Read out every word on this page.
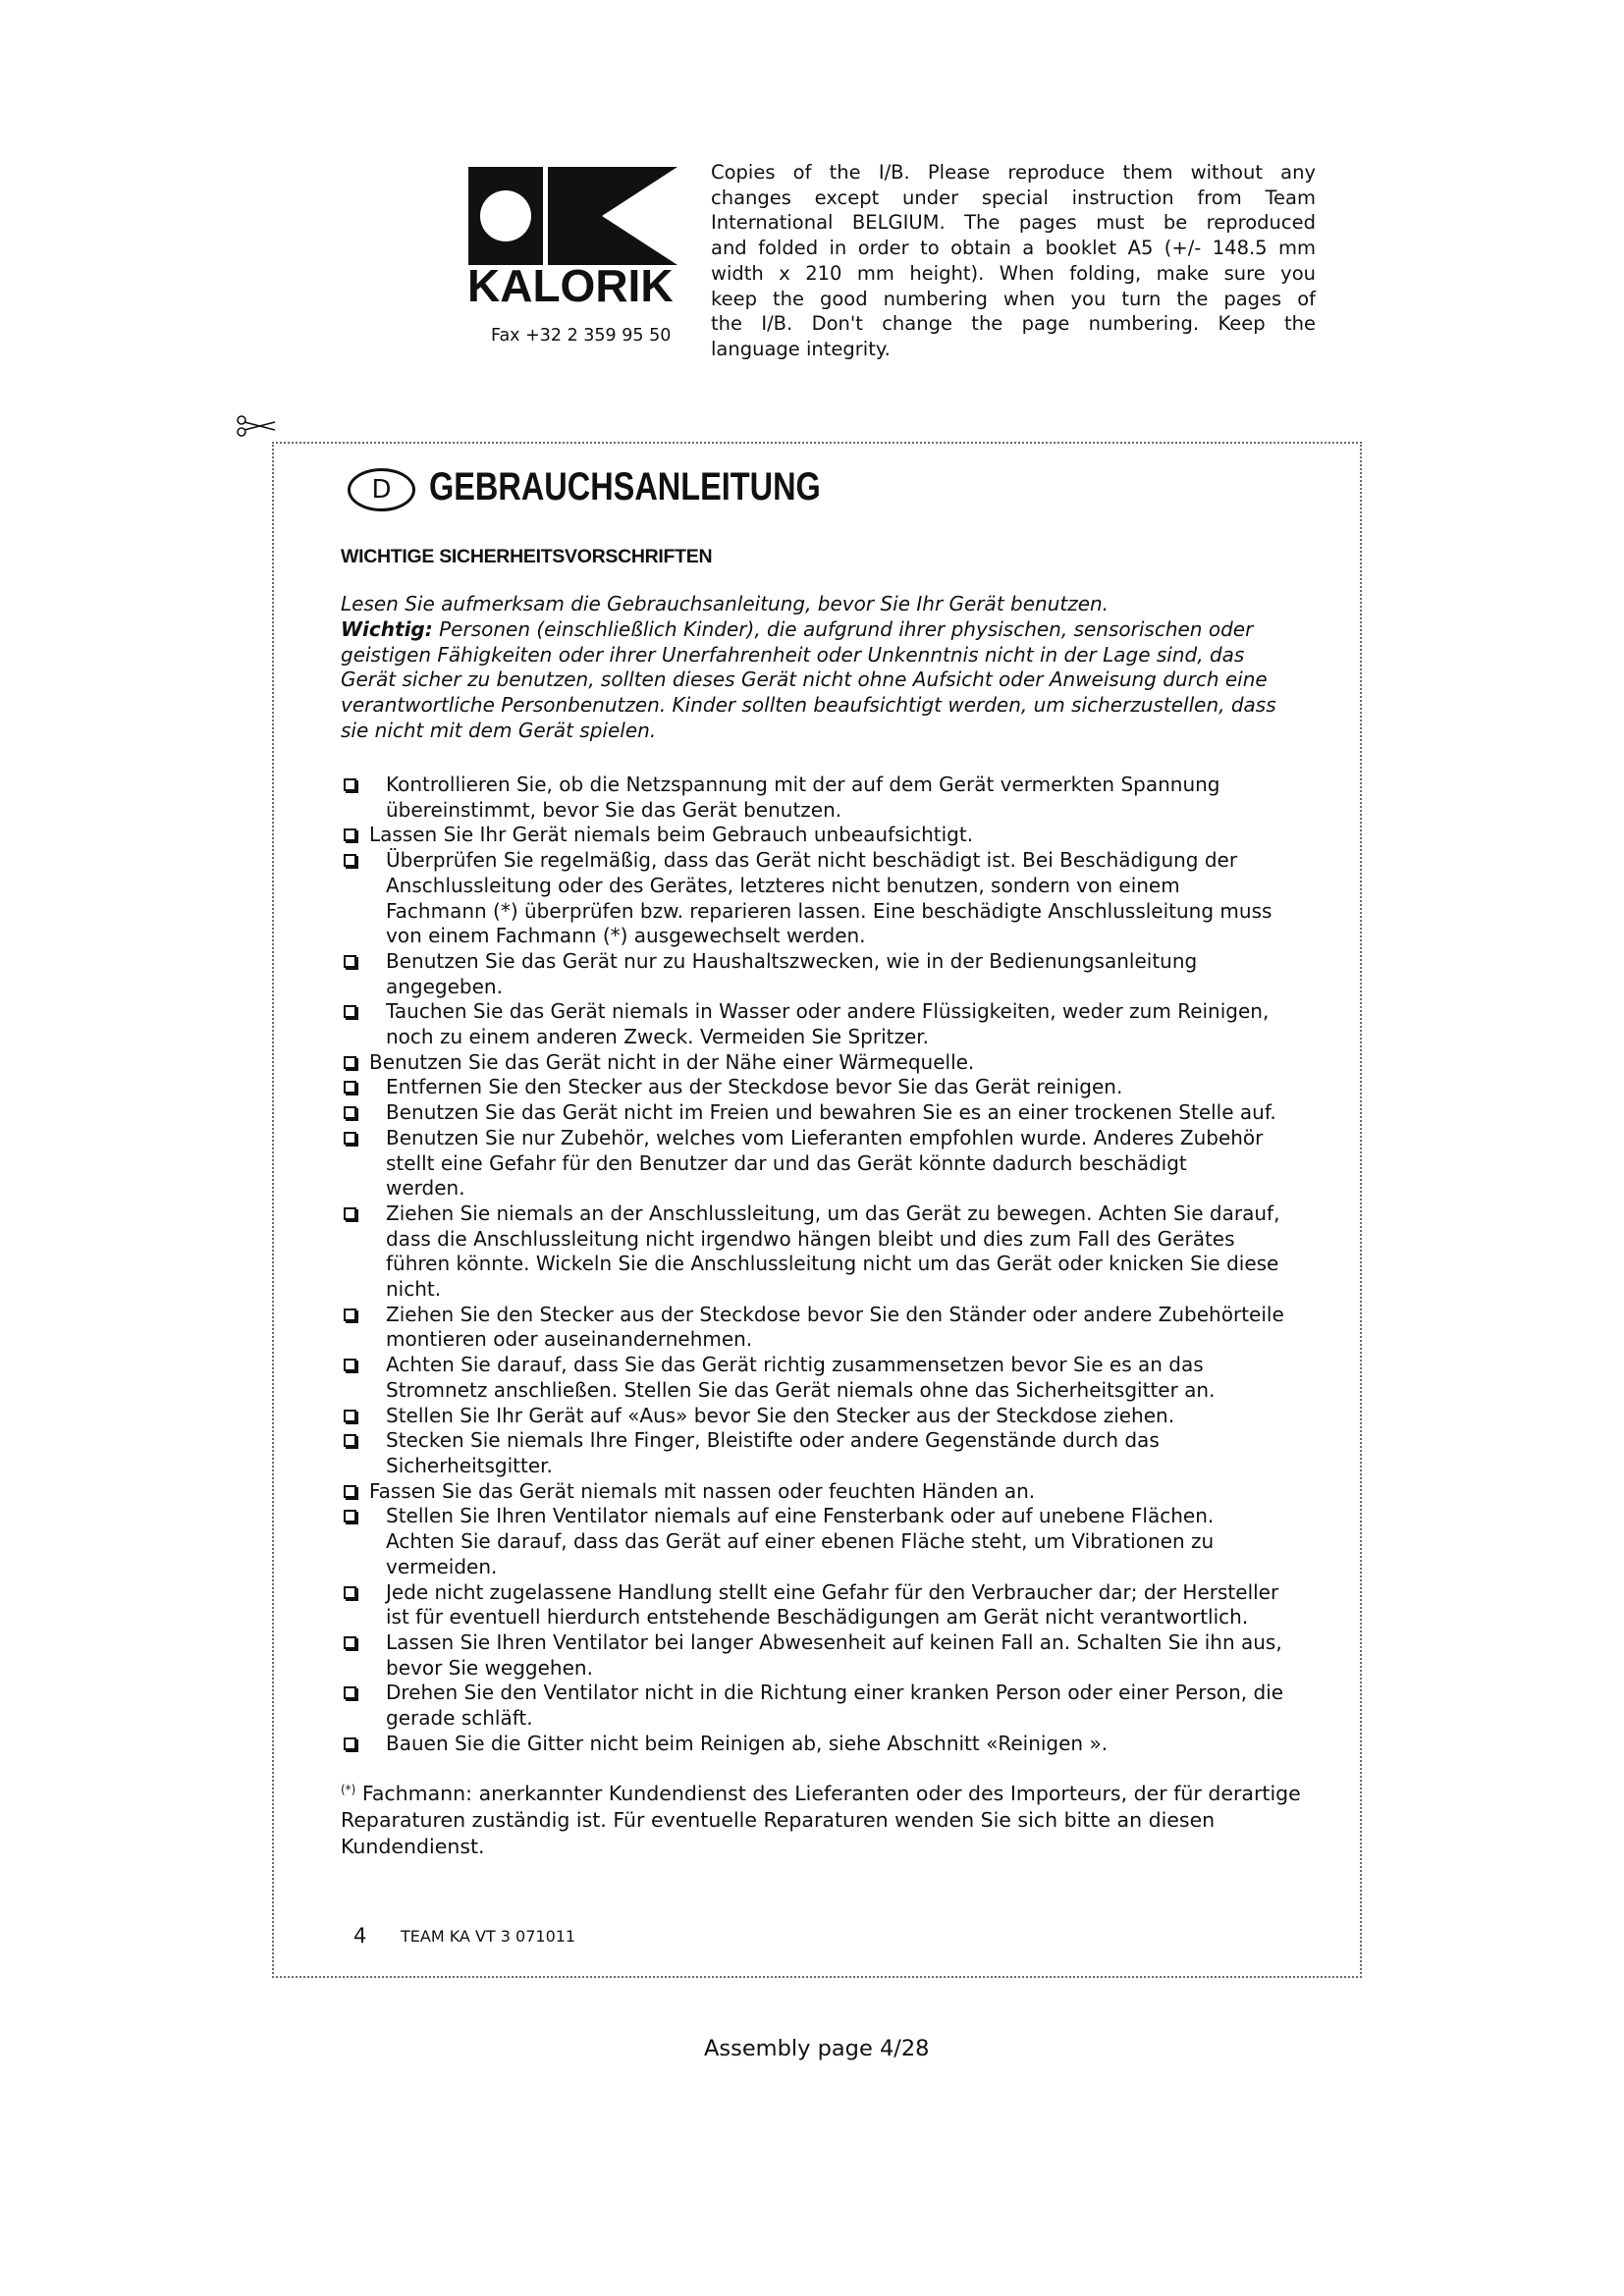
KALORIK
Fax +32 2 359 95 50
Copies of the I/B. Please reproduce them without any
changes except under special instruction from Team
International BELGIUM. The pages must be reproduced
and folded in order to obtain a booklet A5 (+/- 148.5 mm
width x 210 mm height). When folding, make sure you
keep the good numbering when you turn the pages of
the I/B. Don't change the page numbering. Keep the
language integrity.
D GEBRAUCHSANLEITUNG
WICHTIGE SICHERHEITSVORSCHRIFTEN
Lesen Sie aufmerksam die Gebrauchsanleitung, bevor Sie Ihr Gerät benutzen.
Wichtig: Personen (einschließlich Kinder), die aufgrund ihrer physischen, sensorischen oder
geistigen Fähigkeiten oder ihrer Unerfahrenheit oder Unkenntnis nicht in der Lage sind, das
Gerät sicher zu benutzen, sollten dieses Gerät nicht ohne Aufsicht oder Anweisung durch eine
verantwortliche Personbenutzen. Kinder sollten beaufsichtigt werden, um sicherzustellen, dass
sie nicht mit dem Gerät spielen.
Kontrollieren Sie, ob die Netzspannung mit der auf dem Gerät vermerkten Spannung
übereinstimmt, bevor Sie das Gerät benutzen.
Lassen Sie Ihr Gerät niemals beim Gebrauch unbeaufsichtigt.
Überprüfen Sie regelmäßig, dass das Gerät nicht beschädigt ist. Bei Beschädigung der
Anschlussleitung oder des Gerätes, letzteres nicht benutzen, sondern von einem
Fachmann (*) überprüfen bzw. reparieren lassen. Eine beschädigte Anschlussleitung muss
von einem Fachmann (*) ausgewechselt werden.
Benutzen Sie das Gerät nur zu Haushaltszwecken, wie in der Bedienungsanleitung
angegeben.
Tauchen Sie das Gerät niemals in Wasser oder andere Flüssigkeiten, weder zum Reinigen,
noch zu einem anderen Zweck. Vermeiden Sie Spritzer.
Benutzen Sie das Gerät nicht in der Nähe einer Wärmequelle.
Entfernen Sie den Stecker aus der Steckdose bevor Sie das Gerät reinigen.
Benutzen Sie das Gerät nicht im Freien und bewahren Sie es an einer trockenen Stelle auf.
Benutzen Sie nur Zubehör, welches vom Lieferanten empfohlen wurde. Anderes Zubehör
stellt eine Gefahr für den Benutzer dar und das Gerät könnte dadurch beschädigt
werden.
Ziehen Sie niemals an der Anschlussleitung, um das Gerät zu bewegen. Achten Sie darauf,
dass die Anschlussleitung nicht irgendwo hängen bleibt und dies zum Fall des Gerätes
führen könnte. Wickeln Sie die Anschlussleitung nicht um das Gerät oder knicken Sie diese
nicht.
Ziehen Sie den Stecker aus der Steckdose bevor Sie den Ständer oder andere Zubehörteile
montieren oder auseinandernehmen.
Achten Sie darauf, dass Sie das Gerät richtig zusammensetzen bevor Sie es an das
Stromnetz anschließen. Stellen Sie das Gerät niemals ohne das Sicherheitsgitter an.
Stellen Sie Ihr Gerät auf «Aus» bevor Sie den Stecker aus der Steckdose ziehen.
Stecken Sie niemals Ihre Finger, Bleistifte oder andere Gegenstände durch das
Sicherheitsgitter.
Fassen Sie das Gerät niemals mit nassen oder feuchten Händen an.
Stellen Sie Ihren Ventilator niemals auf eine Fensterbank oder auf unebene Flächen.
Achten Sie darauf, dass das Gerät auf einer ebenen Fläche steht, um Vibrationen zu
vermeiden.
Jede nicht zugelassene Handlung stellt eine Gefahr für den Verbraucher dar; der Hersteller
ist für eventuell hierdurch entstehende Beschädigungen am Gerät nicht verantwortlich.
Lassen Sie Ihren Ventilator bei langer Abwesenheit auf keinen Fall an. Schalten Sie ihn aus,
bevor Sie weggehen.
Drehen Sie den Ventilator nicht in die Richtung einer kranken Person oder einer Person, die
gerade schläft.
Bauen Sie die Gitter nicht beim Reinigen ab, siehe Abschnitt «Reinigen ».
(*) Fachmann: anerkannter Kundendienst des Lieferanten oder des Importeurs, der für derartige
Reparaturen zuständig ist. Für eventuelle Reparaturen wenden Sie sich bitte an diesen
Kundendienst.
4 TEAM KA VT 3 071011
Assembly page 4/28
